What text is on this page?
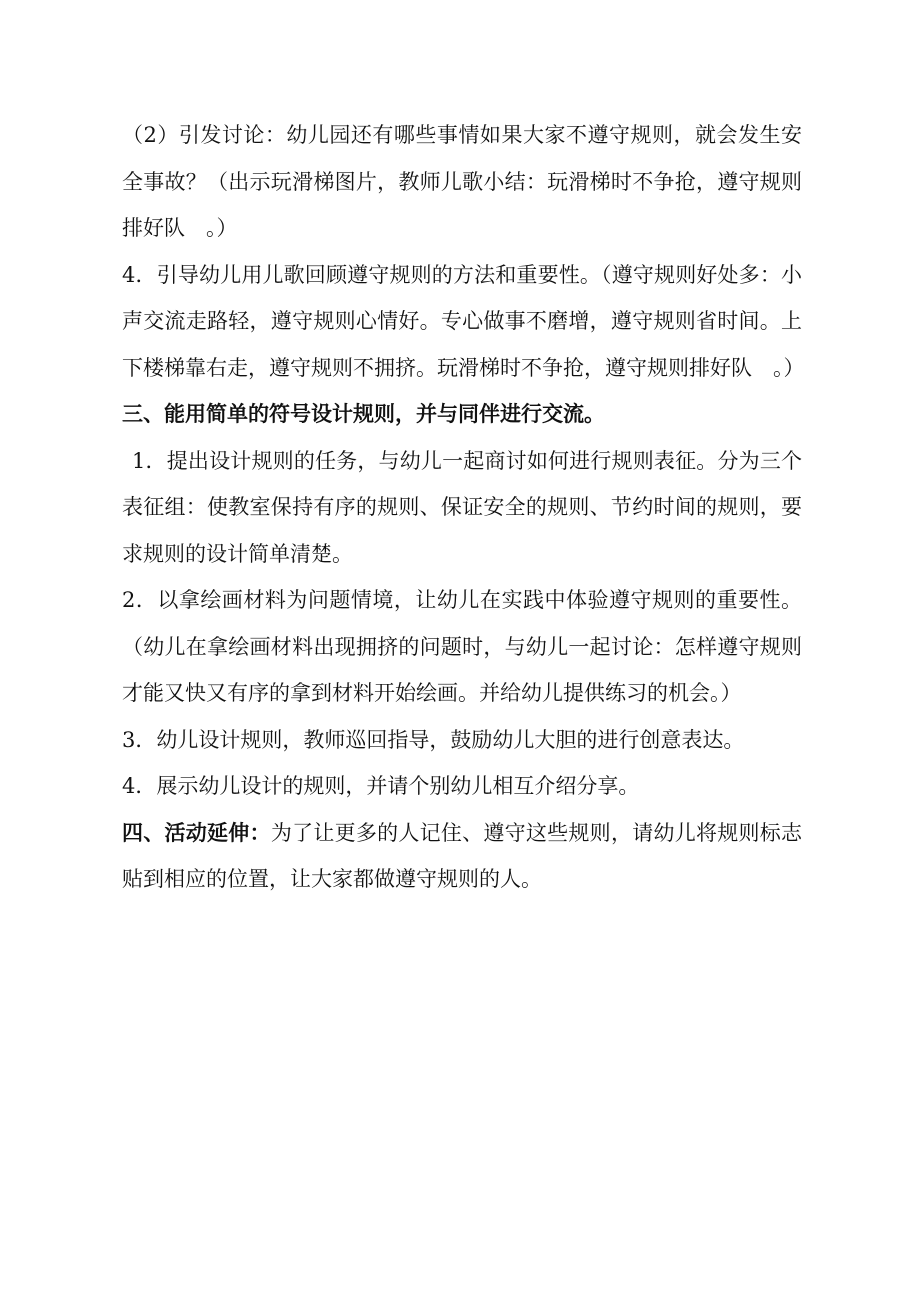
（2）引发讨论：幼儿园还有哪些事情如果大家不遵守规则，就会发生安全事故？（出示玩滑梯图片，教师儿歌小结：玩滑梯时不争抢，遵守规则排好队　。）

4．引导幼儿用儿歌回顾遵守规则的方法和重要性。（遵守规则好处多：小声交流走路轻，遵守规则心情好。专心做事不磨增，遵守规则省时间。上下楼梯靠右走，遵守规则不拥挤。玩滑梯时不争抢，遵守规则排好队　。）

三、能用简单的符号设计规则，并与同伴进行交流。

1．提出设计规则的任务，与幼儿一起商讨如何进行规则表征。分为三个表征组：使教室保持有序的规则、保证安全的规则、节约时间的规则，要求规则的设计简单清楚。

2．以拿绘画材料为问题情境，让幼儿在实践中体验遵守规则的重要性。（幼儿在拿绘画材料出现拥挤的问题时，与幼儿一起讨论：怎样遵守规则才能又快又有序的拿到材料开始绘画。并给幼儿提供练习的机会。）

3．幼儿设计规则，教师巡回指导，鼓励幼儿大胆的进行创意表达。

4．展示幼儿设计的规则，并请个别幼儿相互介绍分享。

四、活动延伸：为了让更多的人记住、遵守这些规则，请幼儿将规则标志贴到相应的位置，让大家都做遵守规则的人。
